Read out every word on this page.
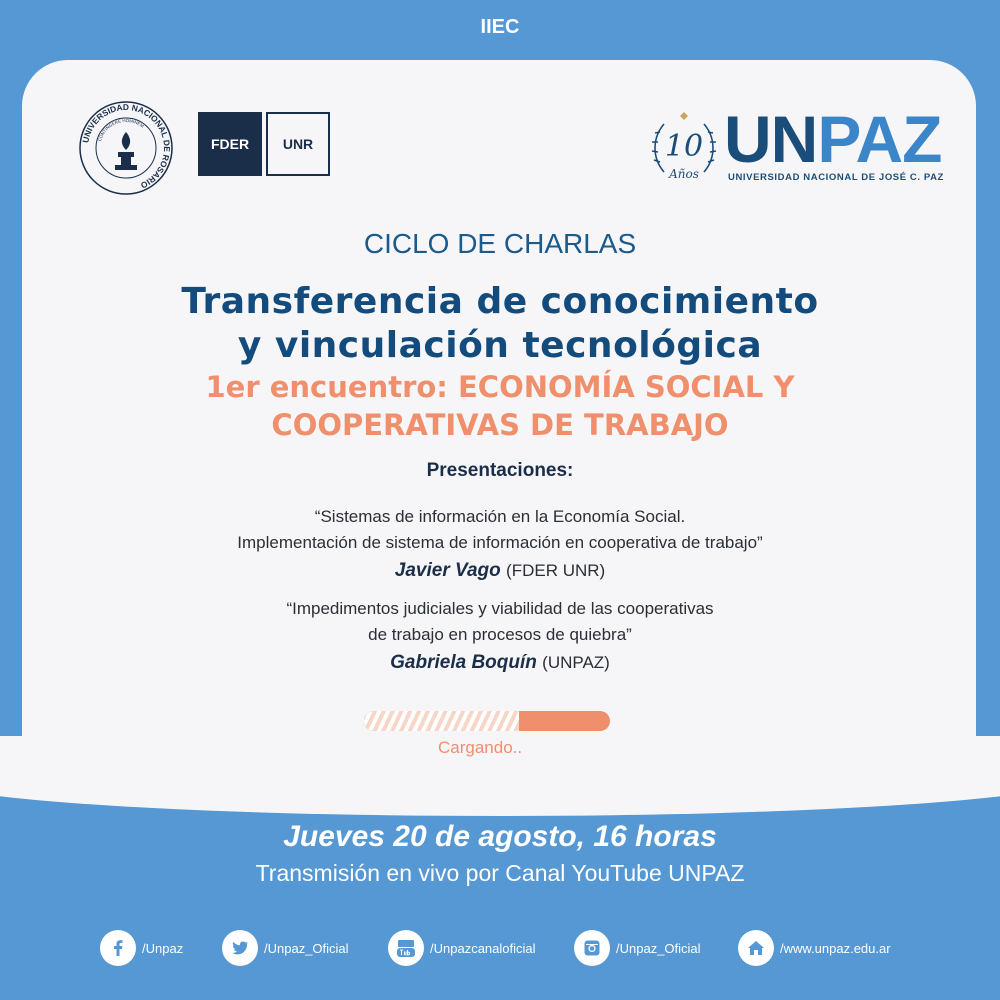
IIEC
UNIVERSIDAD NACIONAL DE ROSARIO
CONTINGERE HOMINEM
FDER	UNR	10
Años UNPAZ
UNIVERSIDAD NACIONAL DE JOSÉ C. PAZ
CICLO DE CHARLAS
Transferencia de conocimiento
y vinculación tecnológica
1er encuentro: ECONOMÍA SOCIAL Y
COOPERATIVAS DE TRABAJO
Presentaciones:
“Sistemas de información en la Economía Social.
Implementación de sistema de información en cooperativa de trabajo”
Javier Vago (FDER UNR)
“Impedimentos judiciales y viabilidad de las cooperativas
de trabajo en procesos de quiebra”
Gabriela Boquín (UNPAZ)
Cargando..
Jueves 20 de agosto, 16 horas
Transmisión en vivo por Canal YouTube UNPAZ
/Unpaz	/Unpaz_Oficial	/Unpazcanaloficial	/Unpaz_Oficial	/www.unpaz.edu.ar
